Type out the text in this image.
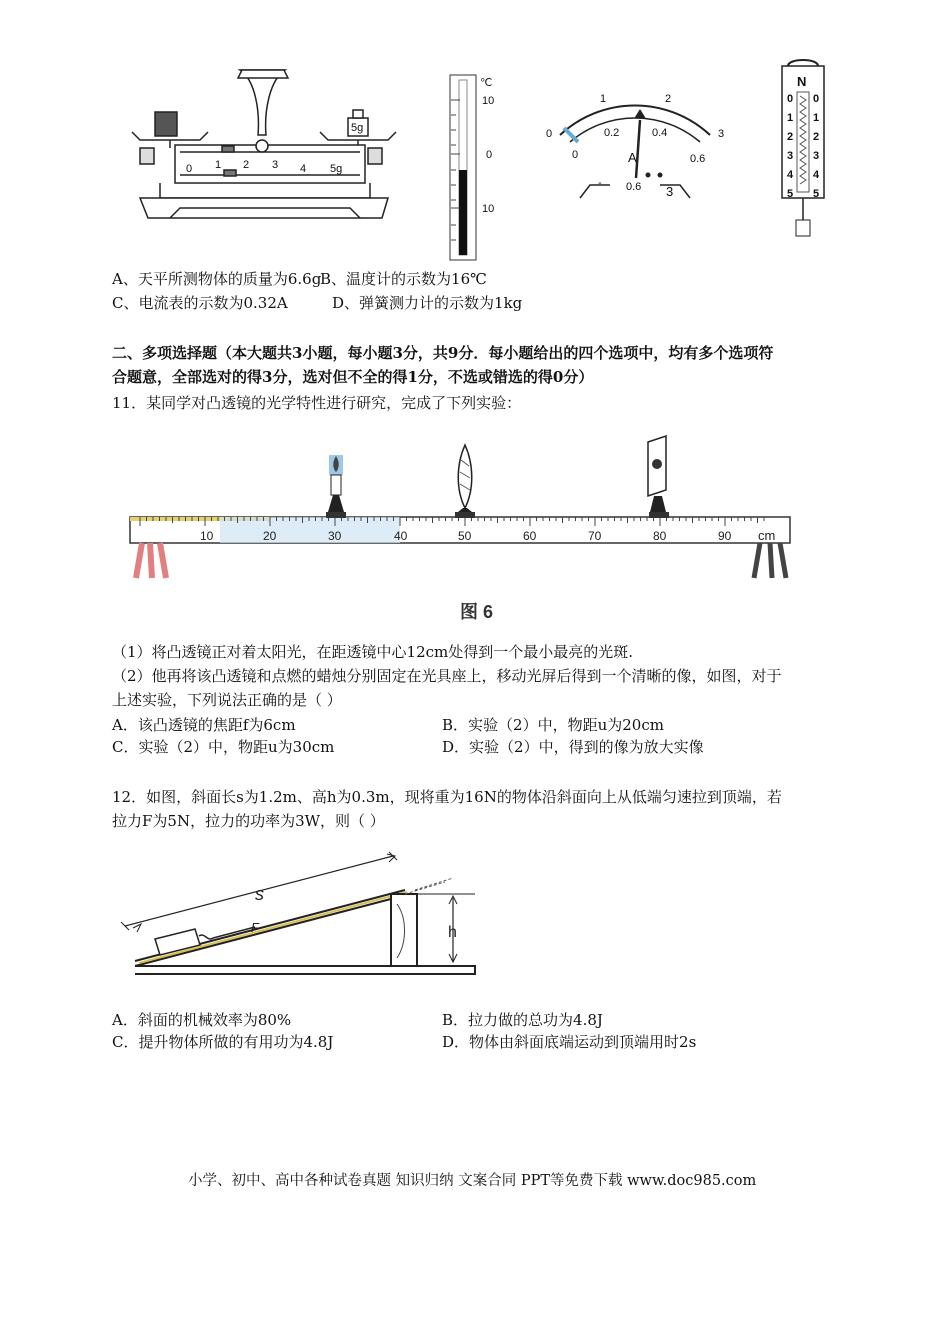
5g
0 1 2 3 4 5g
℃
10
0
10
1	2
0	3
0.2	0.4
0	0.6
A
- 0.6 3
N
0
1
2
3
4
5
0
1
2
3
4
5
A、天平所测物体的质量为6.6g
B、温度计的示数为16℃
C、电流表的示数为0.32A	D、弹簧测力计的示数为1kg
二、多项选择题（本大题共3小题，每小题3分，共9分．每小题给出的四个选项中，均有多个选项符
合题意，全部选对的得3分，选对但不全的得1分，不选或错选的得0分）
11．某同学对凸透镜的光学特性进行研究，完成了下列实验：
10	20	30	40	50	60	70	80	90 cm
图 6
（1）将凸透镜正对着太阳光，在距透镜中心12cm处得到一个最小最亮的光斑.
（2）他再将该凸透镜和点燃的蜡烛分别固定在光具座上，移动光屏后得到一个清晰的像，如图，对于
上述实验，下列说法正确的是（ ）
A．该凸透镜的焦距f为6cm	B．实验（2）中，物距u为20cm
C．实验（2）中，物距u为30cm	D．实验（2）中，得到的像为放大实像
12．如图，斜面长s为1.2m、高h为0.3m，现将重为16N的物体沿斜面向上从低端匀速拉到顶端，若
拉力F为5N，拉力的功率为3W，则（ ）
s
F	h
A．斜面的机械效率为80%	B．拉力做的总功为4.8J
C．提升物体所做的有用功为4.8J	D．物体由斜面底端运动到顶端用时2s
小学、初中、高中各种试卷真题 知识归纳 文案合同 PPT等免费下载 www.doc985.com
